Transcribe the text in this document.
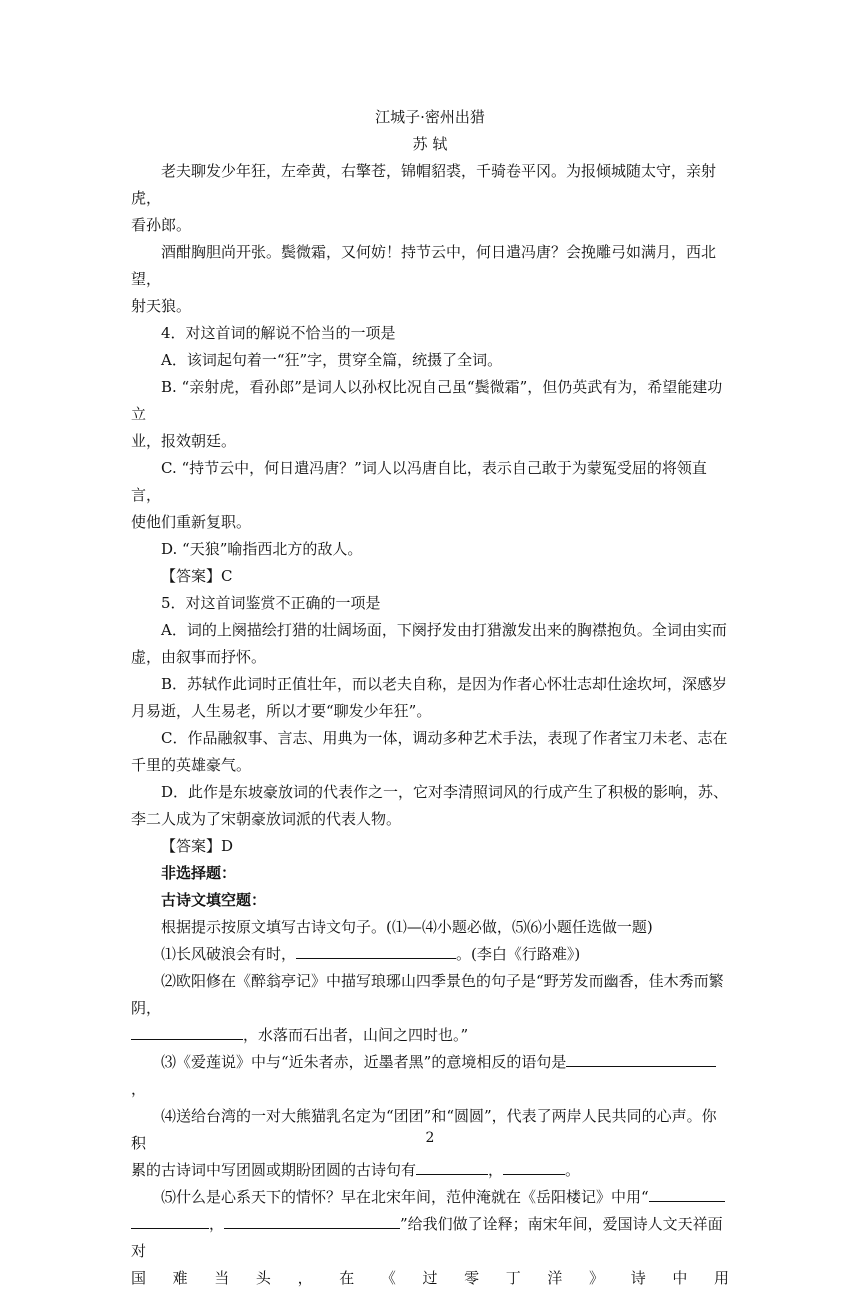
江城子·密州出猎

苏 轼

老夫聊发少年狂，左牵黄，右擎苍，锦帽貂裘，千骑卷平冈。为报倾城随太守，亲射虎，

看孙郎。

酒酣胸胆尚开张。鬓微霜，又何妨！持节云中，何日遣冯唐？会挽雕弓如满月，西北望，

射天狼。

4．对这首词的解说不恰当的一项是

A．该词起句着一“狂”字，贯穿全篇，统摄了全词。

B. “亲射虎，看孙郎”是词人以孙权比况自己虽“鬓微霜”，但仍英武有为，希望能建功立

业，报效朝廷。

C. “持节云中，何日遣冯唐？”词人以冯唐自比，表示自己敢于为蒙冤受屈的将领直言，

使他们重新复职。

D. “天狼”喻指西北方的敌人。

【答案】C

5．对这首词鉴赏不正确的一项是

A．词的上阕描绘打猎的壮阔场面，下阕抒发由打猎激发出来的胸襟抱负。全词由实而

虚，由叙事而抒怀。

B．苏轼作此词时正值壮年，而以老夫自称，是因为作者心怀壮志却仕途坎坷，深感岁

月易逝，人生易老，所以才要“聊发少年狂”。

C．作品融叙事、言志、用典为一体，调动多种艺术手法，表现了作者宝刀未老、志在

千里的英雄豪气。

D．此作是东坡豪放词的代表作之一，它对李清照词风的行成产生了积极的影响，苏、

李二人成为了宋朝豪放词派的代表人物。

【答案】D

非选择题：

古诗文填空题：

根据提示按原文填写古诗文句子。(⑴—⑷小题必做，⑸⑹小题任选做一题)

⑴长风破浪会有时，	。(李白《行路难》)

⑵欧阳修在《醉翁亭记》中描写琅琊山四季景色的句子是“野芳发而幽香，佳木秀而繁

阴，

，水落而石出者，山间之四时也。”

⑶《爱莲说》中与“近朱者赤，近墨者黑”的意境相反的语句是，

⑷送给台湾的一对大熊猫乳名定为“团团”和“圆圆”，代表了两岸人民共同的心声。你积

累的古诗词中写团圆或期盼团圆的古诗句有	，	。

⑸什么是心系天下的情怀？早在北宋年间，范仲淹就在《岳阳楼记》中用“

，	”给我们做了诠释；南宋年间，爱国诗人文天祥面对

国 难 当 头 ， 在 《 过 零 丁 洋 》 诗 中 用
2
